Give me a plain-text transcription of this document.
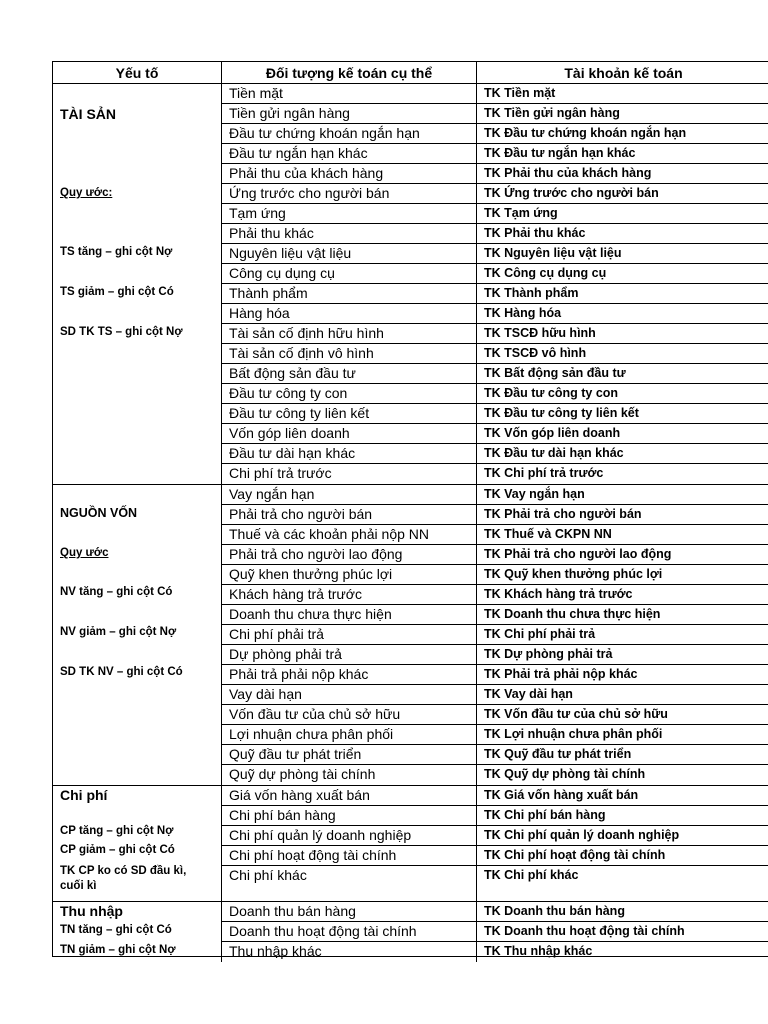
Yếu tố	Đối tượng kế toán cụ thể	Tài khoản kế toán
TÀI SẢN
Quy ước:
TS tăng – ghi cột Nợ
TS giảm – ghi cột Có
SD TK TS – ghi cột Nợ
Tiền mặt	TK Tiền mặt
Tiền gửi ngân hàng	TK Tiền gửi ngân hàng
Đầu tư chứng khoán ngắn hạn	TK Đầu tư chứng khoán ngắn hạn
Đầu tư ngắn hạn khác	TK Đầu tư ngắn hạn khác
Phải thu của khách hàng	TK Phải thu của khách hàng
Ứng trước cho người bán	TK Ứng trước cho người bán
Tạm ứng	TK Tạm ứng
Phải thu khác	TK Phải thu khác
Nguyên liệu vật liệu	TK Nguyên liệu vật liệu
Công cụ dụng cụ	TK Công cụ dụng cụ
Thành phẩm	TK Thành phẩm
Hàng hóa	TK Hàng hóa
Tài sản cố định hữu hình	TK TSCĐ hữu hình
Tài sản cố định vô hình	TK TSCĐ vô hình
Bất động sản đầu tư	TK Bất động sản đầu tư
Đầu tư công ty con	TK Đầu tư công ty con
Đầu tư công ty liên kết	TK Đầu tư công ty liên kết
Vốn góp liên doanh	TK Vốn góp liên doanh
Đầu tư dài hạn khác	TK Đầu tư dài hạn khác
Chi phí trả trước	TK Chi phí trả trước
NGUỒN VỐN
Quy ước
NV tăng – ghi cột Có
NV giảm – ghi cột Nợ
SD TK NV – ghi cột Có
Vay ngắn hạn	TK Vay ngắn hạn
Phải trả cho người bán	TK Phải trả cho người bán
Thuế và các khoản phải nộp NN	TK Thuế và CKPN NN
Phải trả cho người lao động	TK Phải trả cho người lao động
Quỹ khen thưởng phúc lợi	TK Quỹ khen thưởng phúc lợi
Khách hàng trả trước	TK Khách hàng trả trước
Doanh thu chưa thực hiện	TK Doanh thu chưa thực hiện
Chi phí phải trả	TK Chi phí phải trả
Dự phòng phải trả	TK Dự phòng phải trả
Phải trả phải nộp khác	TK Phải trả phải nộp khác
Vay dài hạn	TK Vay dài hạn
Vốn đầu tư của chủ sở hữu	TK Vốn đầu tư của chủ sở hữu
Lợi nhuận chưa phân phối	TK Lợi nhuận chưa phân phối
Quỹ đầu tư phát triển	TK Quỹ đầu tư phát triển
Quỹ dự phòng tài chính	TK Quỹ dự phòng tài chính
Chi phí
CP tăng – ghi cột Nợ
CP giảm – ghi cột Có
TK CP ko có SD đầu kì,
cuối kì
Giá vốn hàng xuất bán	TK Giá vốn hàng xuất bán
Chi phí bán hàng	TK Chi phí bán hàng
Chi phí quản lý doanh nghiệp	TK Chi phí quản lý doanh nghiệp
Chi phí hoạt động tài chính	TK Chi phí hoạt động tài chính
Chi phí khác	TK Chi phí khác
Thu nhập
TN tăng – ghi cột Có
TN giảm – ghi cột Nợ
Doanh thu bán hàng	TK Doanh thu bán hàng
Doanh thu hoạt động tài chính	TK Doanh thu hoạt động tài chính
Thu nhập khác	TK Thu nhập khác
